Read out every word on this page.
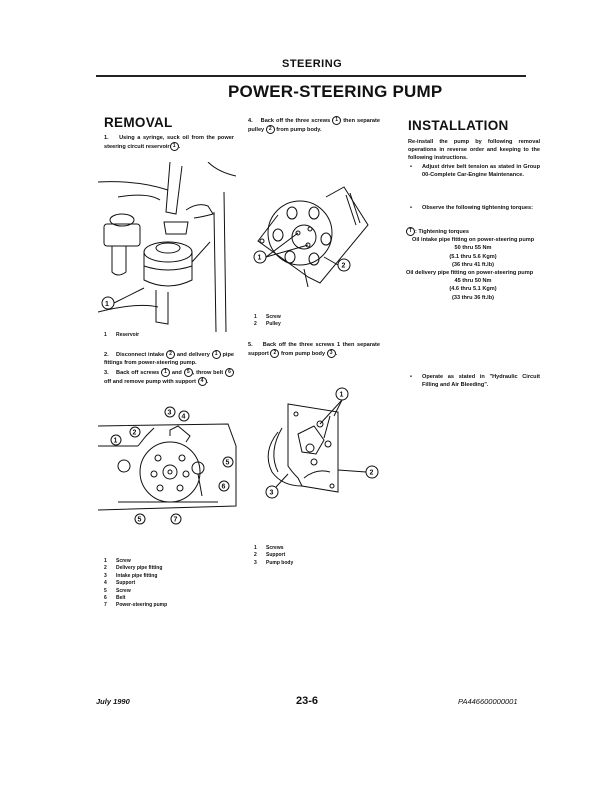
STEERING
POWER-STEERING PUMP
REMOVAL
1. Using a syringe, suck oil from the power steering circuit reservoir 1 .
1
1 Reservoir
2. Disconnect intake 2 and delivery 1 pipe fittings from power-steering pump.
3. Back off screws 1 and 5 , throw belt 6 off and remove pump with support 4 .
1
2
3
4
5
6
5	7
1 Screw
2 Delivery pipe fitting
3 Intake pipe fitting
4 Support
5 Screw
6 Belt
7 Power-steering pump
4. Back off the three screws 1 then separate pulley 2 from pump body.
1
2
1 Screw
2 Pulley
5. Back off the three screws 1 then separate support 2 from pump body 3 .
1
2
3
1 Screws
2 Support
3 Pump body
INSTALLATION
Re-install the pump by following removal operations in reverse order and keeping to the following instructions.
• Adjust drive belt tension as stated in Group 00-Complete Car-Engine Maintenance.
• Observe the following tightening torques:
T : Tightening torques
Oil intake pipe fitting on power-steering pump
50 thru 55 Nm
(5.1 thru 5.6 Kgm)
(36 thru 41 ft.lb)
Oil delivery pipe fitting on power-steering pump
45 thru 50 Nm
(4.6 thru 5.1 Kgm)
(33 thru 36 ft.lb)
• Operate as stated in "Hydraulic Circuit Filling and Air Bleeding".
July 1990	23-6	PA446600000001
